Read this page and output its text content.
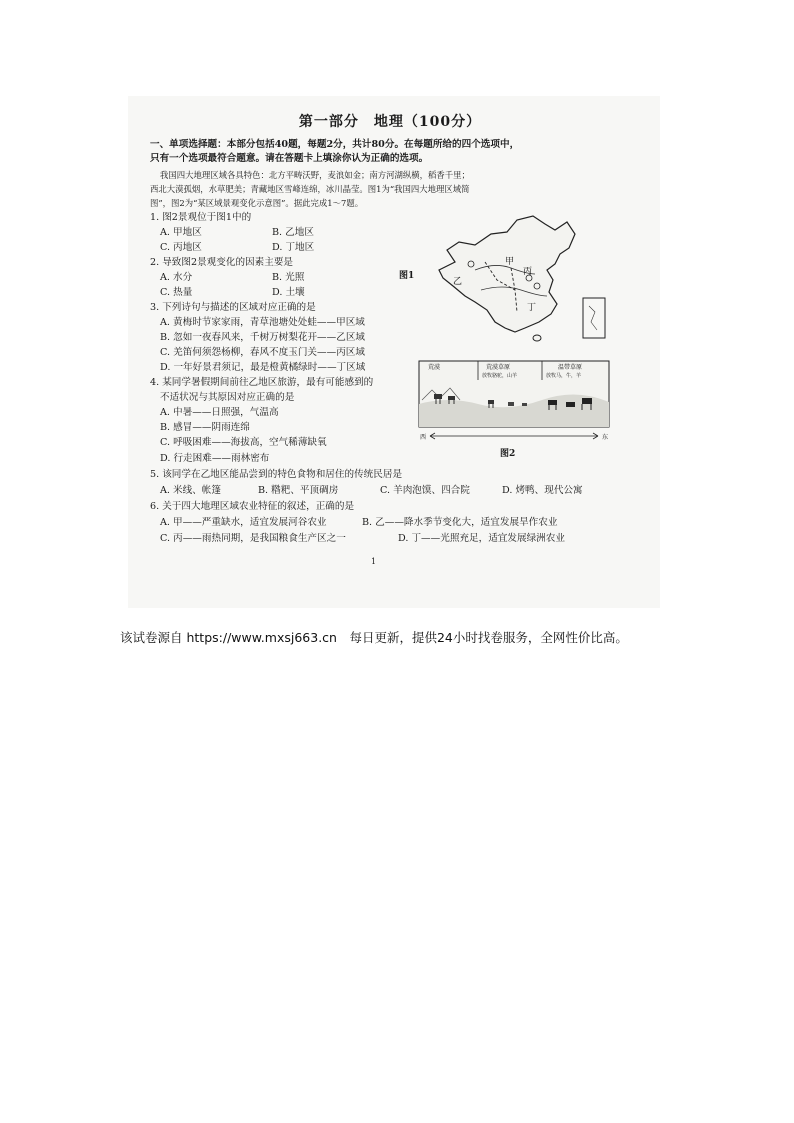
第一部分　地理（100分）
一、单项选择题：本部分包括40题，每题2分，共计80分。在每题所给的四个选项中，
只有一个选项最符合题意。请在答题卡上填涂你认为正确的选项。
我国四大地理区域各具特色：北方平畴沃野，麦浪如金；南方河湖纵横，稻香千里；
西北大漠孤烟，水草肥美；青藏地区雪峰连绵，冰川晶莹。图1为“我国四大地理区域简
图”，图2为“某区域景观变化示意图”。据此完成1～7题。
1. 图2景观位于图1中的
A. 甲地区	B. 乙地区
C. 丙地区	D. 丁地区
2. 导致图2景观变化的因素主要是
A. 水分	B. 光照
C. 热量	D. 土壤
3. 下列诗句与描述的区域对应正确的是
A. 黄梅时节家家雨，青草池塘处处蛙——甲区域
B. 忽如一夜春风来，千树万树梨花开——乙区域
C. 羌笛何须怨杨柳，春风不度玉门关——丙区域
D. 一年好景君须记，最是橙黄橘绿时——丁区域
4. 某同学暑假期间前往乙地区旅游，最有可能感到的
不适状况与其原因对应正确的是
A. 中暑——日照强，气温高
B. 感冒——阴雨连绵
C. 呼吸困难——海拔高，空气稀薄缺氧
D. 行走困难——雨林密布
5. 该同学在乙地区能品尝到的特色食物和居住的传统民居是
A. 米线、帐篷	B. 糌粑、平顶碉房	C. 羊肉泡馍、四合院	D. 烤鸭、现代公寓
6. 关于四大地理区域农业特征的叙述，正确的是
A. 甲——严重缺水，适宜发展河谷农业	B. 乙——降水季节变化大，适宜发展旱作农业
C. 丙——雨热同期，是我国粮食生产区之一	D. 丁——光照充足，适宜发展绿洲农业
图1
甲
乙
丙
丁
荒漠	荒漠草原	温带草原
放牧骆驼，山羊	放牧马，牛，羊
西	东
图2
1
该试卷源自 https://www.mxsj663.cn　每日更新，提供24小时找卷服务，全网性价比高。
